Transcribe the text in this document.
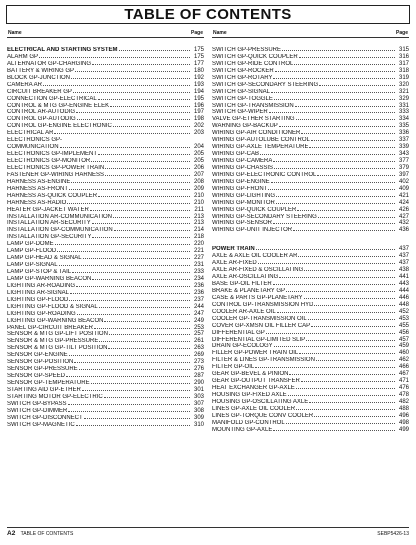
TABLE OF CONTENTS
Name	Page
ELECTRICAL AND STARTING SYSTEM	175
ALARM GP	175
ALTERNATOR GP-CHARGING	177
BATTERY & WIRING GP	180
BLOCK GP-JUNCTION	192
CAMERA AR	193
CIRCUIT BREAKER GP	194
CONNECTION GP-ELECTRICAL	195
CONTROL & MTG GP-ENGINE ELEK	196
CONTROL AR-AUTODIG	197
CONTROL GP-AUTODIG	198
CONTROL GP-ENGINE ELECTRONIC	202
ELECTRICAL AR	203
ELECTRONICS GP-
COMMUNICATION	204
ELECTRONICS GP-IMPLEMENT	205
ELECTRONICS GP-MONITOR	205
ELECTRONICS GP-POWER TRAIN	206
FASTENER GP-WIRING HARNESS	207
HARNESS AS-ENGINE	208
HARNESS AS-FRONT	209
HARNESS AS-QUICK COUPLER	210
HARNESS AS-RADIO	210
HEATER GP-JACKET WATER	211
INSTALLATION AR-COMMUNICATION	213
INSTALLATION AR-SECURITY	213
INSTALLATION GP-COMMUNICATION	214
INSTALLATION GP-SECURITY	218
LAMP GP-DOME	220
LAMP GP-FLOOD	221
LAMP GP-HEAD & SIGNAL	227
LAMP GP-SIGNAL	231
LAMP GP-STOP & TAIL	233
LAMP GP-WARNING BEACON	234
LIGHTING AR-ROADING	236
LIGHTING AR-SIGNAL	236
LIGHTING GP-FLOOD	237
LIGHTING GP-FLOOD & SIGNAL	244
LIGHTING GP-ROADING	247
LIGHTING GP-WARNING BEACON	249
PANEL GP-CIRCUIT BREAKER	253
SENSOR & MTG GP-LIFT POSITION	257
SENSOR & MTG GP-PRESSURE	261
SENSOR & MTG GP-TILT POSITION	263
SENSOR GP-ENGINE	269
SENSOR GP-POSITION	273
SENSOR GP-PRESSURE	276
SENSOR GP-SPEED	287
SENSOR GP-TEMPERATURE	290
STARTING AID GP-ETHER	301
STARTING MOTOR GP-ELECTRIC	303
SWITCH GP-BYPASS	307
SWITCH GP-DIMMER	308
SWITCH GP-DISCONNECT	309
SWITCH GP-MAGNETIC	310
Name	Page
SWITCH GP-PRESSURE	315
SWITCH GP-QUICK COUPLER	316
SWITCH GP-RIDE CONTROL	317
SWITCH GP-ROCKER	318
SWITCH GP-ROTARY	319
SWITCH GP-SECONDARY STEERING	320
SWITCH GP-SIGNAL	321
SWITCH GP-TOGGLE	329
SWITCH GP-TRANSMISSION	331
SWITCH GP-WIPER	333
VALVE GP-ETHER STARTING	334
WARNING GP-BACKUP	335
WIRING GP-AIR CONDITIONER	336
WIRING GP-AUTOLUBE CONTROL	337
WIRING GP-AXLE TEMPERATURE	339
WIRING GP-CAB	343
WIRING GP-CAMERA	377
WIRING GP-CHASSIS	379
WIRING GP-ELECTRONIC CONTROL	397
WIRING GP-ENGINE	402
WIRING GP-FRONT	409
WIRING GP-LIGHTING	421
WIRING GP-MONITOR	424
WIRING GP-QUICK COUPLER	426
WIRING GP-SECONDARY STEERING	427
WIRING GP-SENSOR	432
WIRING GP-UNIT INJECTOR	436
POWER TRAIN	437
AXLE & AXLE OIL COOLER AR	437
AXLE AR-FIXED	437
AXLE AR-FIXED & OSCILLATING	438
AXLE AR-OSCILLATING	441
BASE GP-OIL FILTER	443
BRAKE & PLANETARY GP	444
CASE & PARTS GP-PLANETARY	446
CONTROL GP-TRANSMISSION HYD	448
COOLER AR-AXLE OIL	452
COOLER GP-TRANSMISSION OIL	453
COVER GP-XMSN OIL FILLER CAP	455
DIFFERENTIAL GP	456
DIFFERENTIAL GP-LIMITED SLIP	457
DRAIN GP-ECOLOGY	459
FILLER GP-POWER TRAIN OIL	460
FILTER & LINES GP-TRANSMISSION	462
FILTER GP-OIL	466
GEAR GP-BEVEL & PINION	467
GEAR GP-OUTPUT TRANSFER	471
HEAT EXCHANGER GP-AXLE	476
HOUSING GP-FIXED AXLE	478
HOUSING GP-OSCILLATING AXLE	482
LINES GP-AXLE OIL COOLER	488
LINES GP-TORQUE CONV COOLER	496
MANIFOLD GP-CONTROL	498
MOUNTING GP-AXLE	499
A2 TABLE OF CONTENTS	SEBP5426-13
